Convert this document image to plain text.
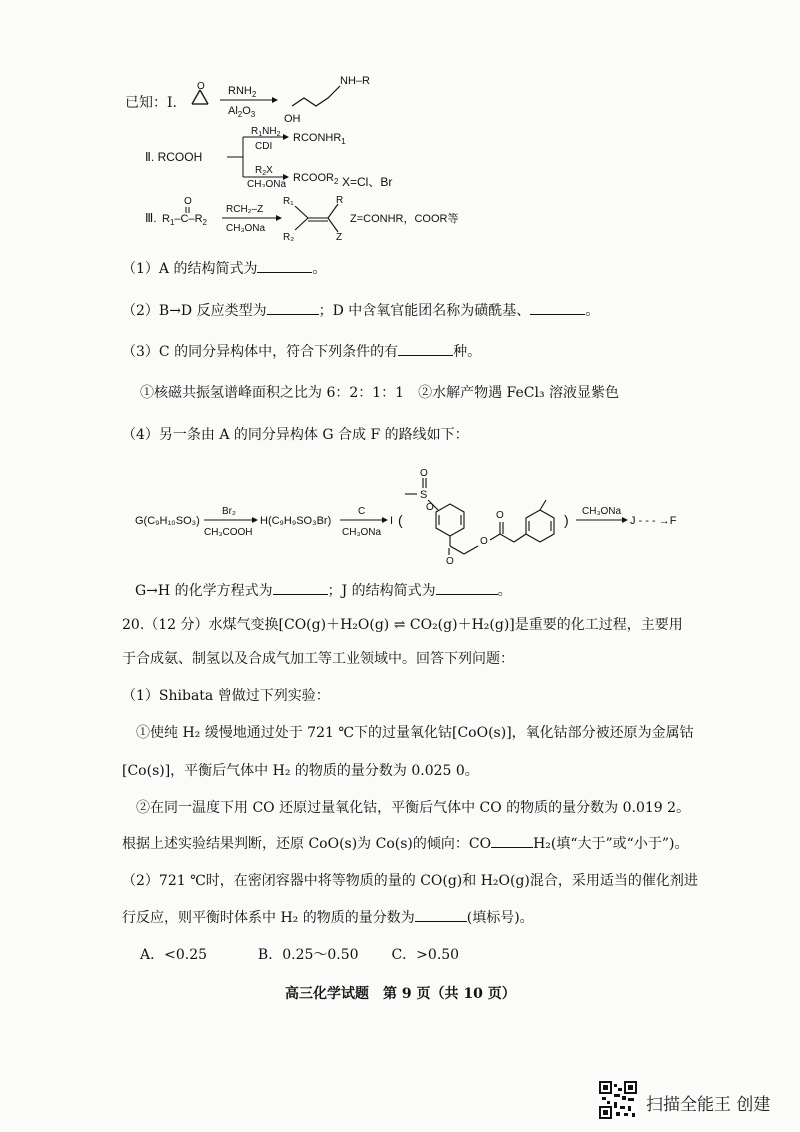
已知：Ⅰ.
O $RNH_2$
$Al_2O_3$
NH–R
OH
Ⅱ. RCOOH
$R_1NH_2$
CDI
$RCONHR_1$
$R_2X$
CH₃ONa
$RCOOR_2$ X=Cl、Br
Ⅲ. $R_1-C-R_2$
O
RCH₂–Z
CH₃ONa
R₁	R
R₂	Z
Z=CONHR，COOR等
（1）A 的结构简式为	。
（2）B→D 反应类型为	；D 中含氧官能团名称为磺酰基、	。
（3）C 的同分异构体中，符合下列条件的有	种。
①核磁共振氢谱峰面积之比为 6：2：1：1　②水解产物遇 FeCl₃ 溶液显紫色
（4）另一条由 A 的同分异构体 G 合成 F 的路线如下：
G(C₉H₁₀SO₃)
Br₂
CH₃COOH
H(C₉H₉SO₃Br)
C
CH₃ONa
I (
O
S
O
O
O
O	)
CH₃ONa
J - - - →F
G→H 的化学方程式为	；J 的结构简式为	。
20.（12 分）水煤气变换[CO(g)＋H₂O(g) ⇌ CO₂(g)＋H₂(g)]是重要的化工过程，主要用
于合成氨、制氢以及合成气加工等工业领域中。回答下列问题：
（1）Shibata 曾做过下列实验：
①使纯 H₂ 缓慢地通过处于 721 ℃下的过量氧化钴[CoO(s)]，氧化钴部分被还原为金属钴
[Co(s)]，平衡后气体中 H₂ 的物质的量分数为 0.025 0。
②在同一温度下用 CO 还原过量氧化钴，平衡后气体中 CO 的物质的量分数为 0.019 2。
根据上述实验结果判断，还原 CoO(s)为 Co(s)的倾向：CO	H₂(填“大于”或“小于”)。
（2）721 ℃时，在密闭容器中将等物质的量的 CO(g)和 H₂O(g)混合，采用适当的催化剂进
行反应，则平衡时体系中 H₂ 的物质的量分数为	(填标号)。
A．<0.25	B．0.25～0.50 C．>0.50
高三化学试题　第 9 页（共 10 页）
扫描全能王 创建
